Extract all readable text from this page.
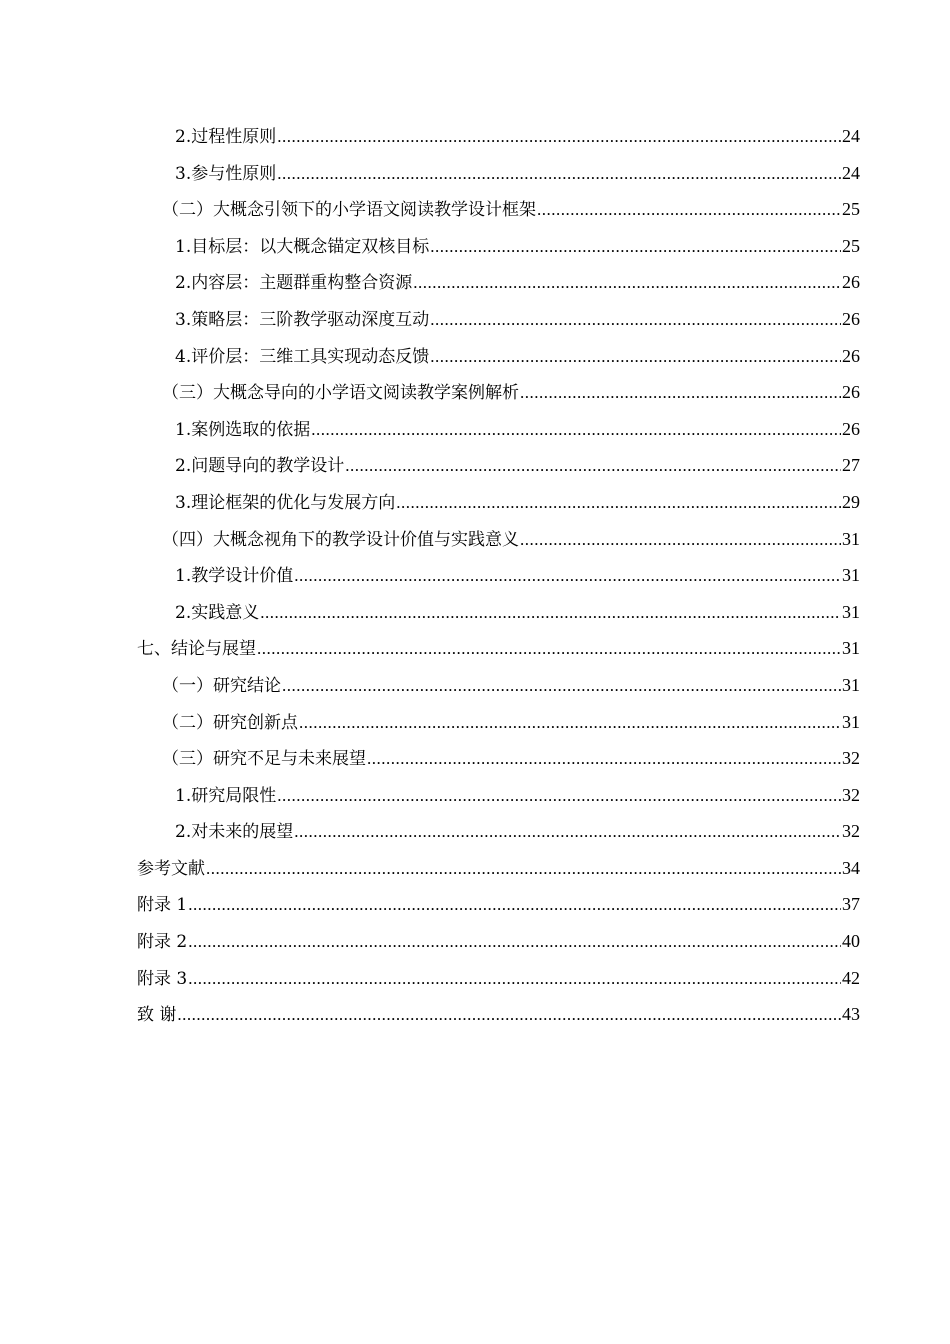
2.过程性原则 .....	24
3.参与性原则 .....	24
（二）大概念引领下的小学语文阅读教学设计框架 .....	25
1.目标层：以大概念锚定双核目标 .....	25
2.内容层：主题群重构整合资源 .....	26
3.策略层：三阶教学驱动深度互动 .....	26
4.评价层：三维工具实现动态反馈 .....	26
（三）大概念导向的小学语文阅读教学案例解析 .....	26
1.案例选取的依据 .....	26
2.问题导向的教学设计 .....	27
3.理论框架的优化与发展方向 .....	29
（四）大概念视角下的教学设计价值与实践意义 .....	31
1.教学设计价值 .....	31
2.实践意义 .....	31
七、结论与展望 .....	31
（一）研究结论 .....	31
（二）研究创新点 .....	31
（三）研究不足与未来展望 .....	32
1.研究局限性 .....	32
2.对未来的展望 .....	32
参考文献 .....	34
附录 1 .....	37
附录 2 .....	40
附录 3 .....	42
致 谢 .....	43
